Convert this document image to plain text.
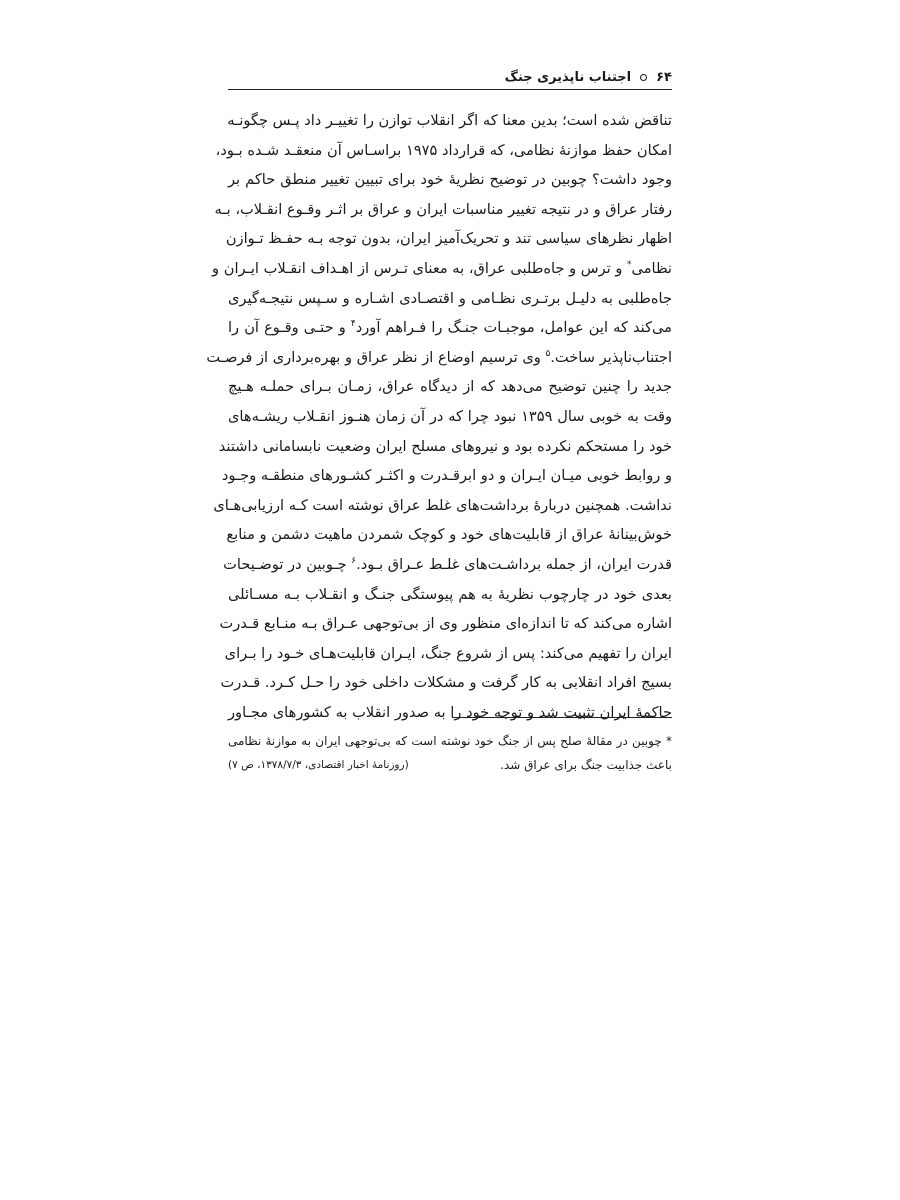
۶۴
اجتناب ناپذیری جنگ
تناقض شده است؛ بدین معنا که اگر انقلاب توازن را تغییـر داد پـس چگونـه
امکان حفظ موازنهٔ نظامی، که قرارداد ۱۹۷۵ براسـاس آن منعقـد شـده بـود،
وجود داشت؟ چوبین در توضیح نظریهٔ خود برای تبیین تغییر منطق حاکم بر
رفتار عراق و در نتیجه تغییر مناسبات ایران و عراق بر اثـر وقـوع انقـلاب، بـه
اظهار نظرهای سیاسی تند و تحریک‌آمیز ایران، بدون توجه بـه حفـظ تـوازن
نظامی* و ترس و جاه‌طلبی عراق، به معنای تـرس از اهـداف انقـلاب ایـران و
جاه‌طلبی به دلیـل برتـری نظـامی و اقتصـادی اشـاره و سـپس نتیجـه‌گیری
می‌کند که این عوامل، موجبـات جنـگ را فـراهم آورد$^۴$ و حتـی وقـوع آن را
اجتناب‌ناپذیر ساخت.$^۵$ وی ترسیم اوضاع از نظر عراق و بهره‌برداری از فرصـت
جدید را چنین توضیح می‌دهد که از دیدگاه عراق، زمـان بـرای حملـه هـیچ
وقت به خوبی سال ۱۳۵۹ نبود چرا که در آن زمان هنـوز انقـلاب ریشـه‌های
خود را مستحکم نکرده بود و نیروهای مسلح ایران وضعیت نابسامانی داشتند
و روابط خوبی میـان ایـران و دو ابرقـدرت و اکثـر کشـورهای منطقـه وجـود
نداشت. همچنین دربارهٔ برداشت‌های غلط عراق نوشته است کـه ارزیابی‌هـای
خوش‌بینانهٔ عراق از قابلیت‌های خود و کوچک شمردن ماهیت دشمن و منابع
قدرت ایران، از جمله برداشـت‌های غلـط عـراق بـود.$^۶$ چـوبین در توضـیحات
بعدی خود در چارچوب نظریهٔ به هم پیوستگی جنـگ و انقـلاب بـه مسـائلی
اشاره می‌کند که تا اندازه‌ای منظور وی از بی‌توجهی عـراق بـه منـابع قـدرت
ایران را تفهیم می‌کند: پس از شروع جنگ، ایـران قابلیت‌هـای خـود را بـرای
بسیج افراد انقلابی به کار گرفت و مشکلات داخلی خود را حـل کـرد. قـدرت
حاکمهٔ ایران تثبیت شد و توجه خود را به صدور انقلاب به کشورهای مجـاور
* چوبین در مقالهٔ صلح پس از جنگ خود نوشته است که بی‌توجهی ایران به موازنهٔ نظامی
باعث جذابیت جنگ برای عراق شد.
(روزنامهٔ اخبار اقتصادی، ۱۳۷۸/۷/۳، ص ۷)
